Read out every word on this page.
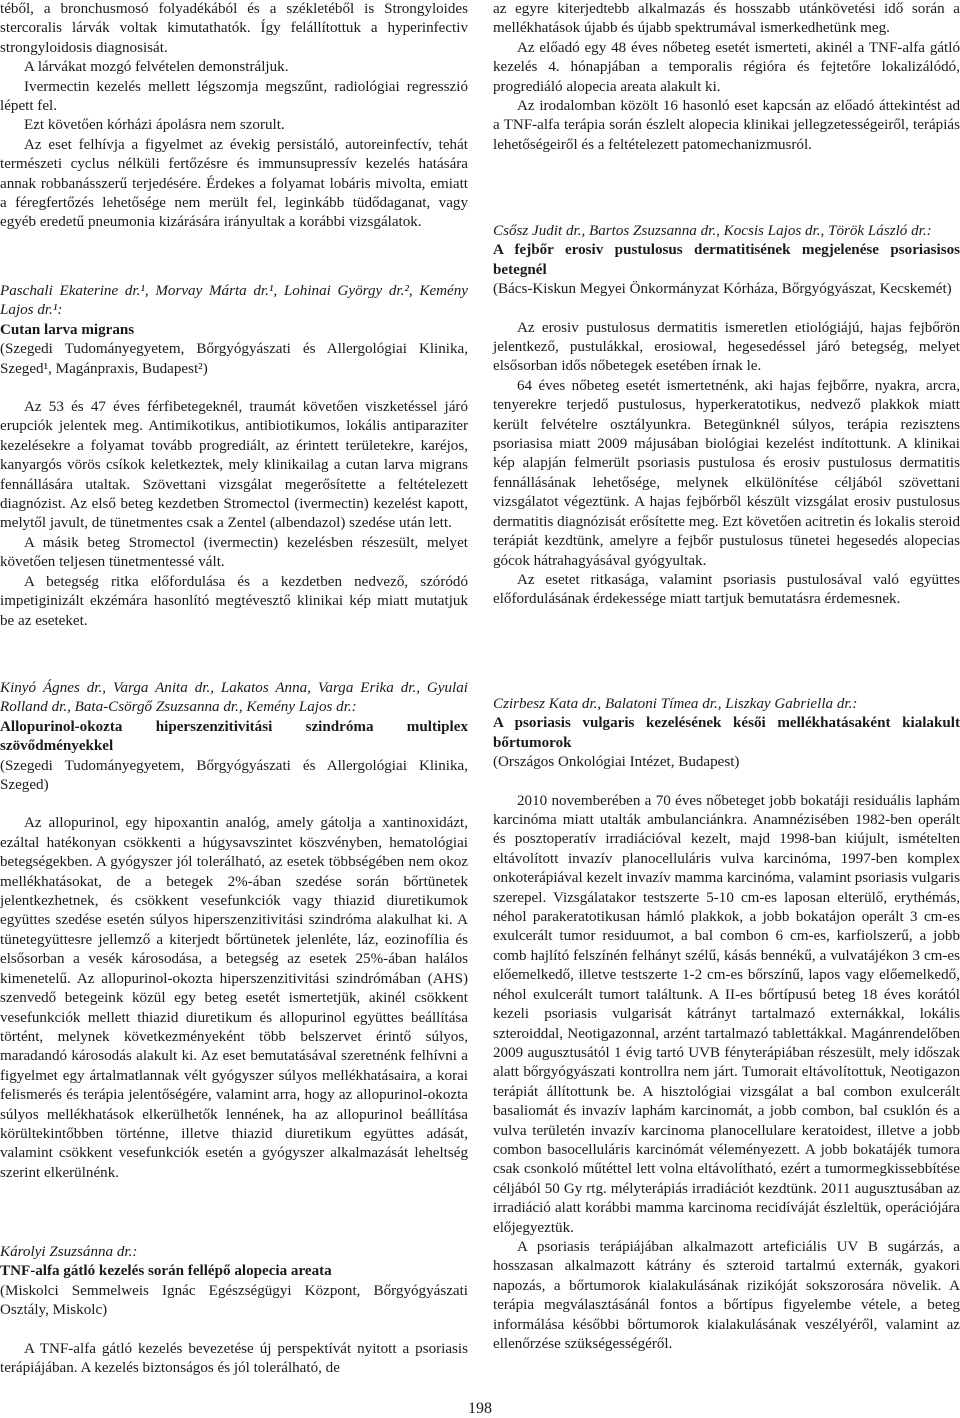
téből, a bronchusmosó folyadékából és a székletéből is Strongyloides stercoralis lárvák voltak kimutathatók. Így felállítottuk a hyperinfectiv strongyloidosis diagnosisát.

A lárvákat mozgó felvételen demonstráljuk.

Ivermectin kezelés mellett légszomja megszűnt, radiológiai regresszió lépett fel.

Ezt követően kórházi ápolásra nem szorult.

Az eset felhívja a figyelmet az évekig persistáló, autoreinfectív, tehát természeti cyclus nélküli fertőzésre és immunsupressív kezelés hatására annak robbanásszerű terjedésére. Érdekes a folyamat lobáris mivolta, emiatt a féregfertőzés lehetősége nem merült fel, leginkább tüdődaganat, vagy egyéb eredetű pneumonia kizárására irányultak a korábbi vizsgálatok.

Paschali Ekaterine dr.¹, Morvay Márta dr.¹, Lohinai György dr.², Kemény Lajos dr.¹:

Cutan larva migrans

(Szegedi Tudományegyetem, Bőrgyógyászati és Allergológiai Klinika, Szeged¹, Magánpraxis, Budapest²)

Az 53 és 47 éves férfibetegeknél, traumát követően viszketéssel járó erupciók jelentek meg. Antimikotikus, antibiotikumos, lokális antiparaziter kezelésekre a folyamat tovább progrediált, az érintett területekre, karéjos, kanyargós vörös csíkok keletkeztek, mely klinikailag a cutan larva migrans fennállására utaltak. Szövettani vizsgálat megerősítette a feltételezett diagnózist. Az első beteg kezdetben Stromectol (ivermectin) kezelést kapott, melytől javult, de tünetmentes csak a Zentel (albendazol) szedése után lett.

A másik beteg Stromectol (ivermectin) kezelésben részesült, melyet követően teljesen tünetmentessé vált.

A betegség ritka előfordulása és a kezdetben nedvező, szóródó impetiginizált ekzémára hasonlító megtévesztő klinikai kép miatt mutatjuk be az eseteket.

Kinyó Ágnes dr., Varga Anita dr., Lakatos Anna, Varga Erika dr., Gyulai Rolland dr., Bata-Csörgő Zsuzsanna dr., Kemény Lajos dr.:

Allopurinol-okozta hiperszenzitivitási szindróma multiplex szövődményekkel

(Szegedi Tudományegyetem, Bőrgyógyászati és Allergológiai Klinika, Szeged)

Az allopurinol, egy hipoxantin analóg, amely gátolja a xantinoxidázt, ezáltal hatékonyan csökkenti a húgysavszintet köszvényben, hematológiai betegségekben. A gyógyszer jól tolerálható, az esetek többségében nem okoz mellékhatásokat, de a betegek 2%-ában szedése során bőrtünetek jelentkezhetnek, és csökkent vesefunkciók vagy thiazid diuretikumok együttes szedése esetén súlyos hiperszenzitivitási szindróma alakulhat ki. A tünetegyüttesre jellemző a kiterjedt bőrtünetek jelenléte, láz, eozinofília és elsősorban a vesék károsodása, a betegség az esetek 25%-ában halálos kimenetelű. Az allopurinol-okozta hiperszenzitivitási szindrómában (AHS) szenvedő betegeink közül egy beteg esetét ismertetjük, akinél csökkent vesefunkciók mellett thiazid diuretikum és allopurinol együttes beállítása történt, melynek következményeként több belszervet érintő súlyos, maradandó károsodás alakult ki. Az eset bemutatásával szeretnénk felhívni a figyelmet egy ártalmatlannak vélt gyógyszer súlyos mellékhatásaira, a korai felismerés és terápia jelentőségére, valamint arra, hogy az allopurinol-okozta súlyos mellékhatások elkerülhetők lennének, ha az allopurinol beállítása körültekintőbben történne, illetve thiazid diuretikum együttes adását, valamint csökkent vesefunkciók esetén a gyógyszer alkalmazását leheltség szerint elkerülnénk.

Károlyi Zsuzsánna dr.:

TNF-alfa gátló kezelés során fellépő alopecia areata

(Miskolci Semmelweis Ignác Egészségügyi Központ, Bőrgyógyászati Osztály, Miskolc)

A TNF-alfa gátló kezelés bevezetése új perspektívát nyitott a psoriasis terápiájában. A kezelés biztonságos és jól tolerálható, de

az egyre kiterjedtebb alkalmazás és hosszabb utánkövetési idő során a mellékhatások újabb és újabb spektrumával ismerkedhetünk meg.

Az előadó egy 48 éves nőbeteg esetét ismerteti, akinél a TNF-alfa gátló kezelés 4. hónapjában a temporalis régióra és fejtetőre lokalizálódó, progrediáló alopecia areata alakult ki.

Az irodalomban közölt 16 hasonló eset kapcsán az előadó áttekintést ad a TNF-alfa terápia során észlelt alopecia klinikai jellegzetességeiről, terápiás lehetőségeiről és a feltételezett patomechanizmusról.

Csősz Judit dr., Bartos Zsuzsanna dr., Kocsis Lajos dr., Török László dr.:

A fejbőr erosiv pustulosus dermatitisének megjelenése psoriasisos betegnél

(Bács-Kiskun Megyei Önkormányzat Kórháza, Bőrgyógyászat, Kecskemét)

Az erosiv pustulosus dermatitis ismeretlen etiológiájú, hajas fejbőrön jelentkező, pustulákkal, erosiowal, hegesedéssel járó betegség, melyet elsősorban idős nőbetegek esetében írnak le.

64 éves nőbeteg esetét ismertetnénk, aki hajas fejbőrre, nyakra, arcra, tenyerekre terjedő pustulosus, hyperkeratotikus, nedvező plakkok miatt került felvételre osztályunkra. Betegünknél súlyos, terápia rezisztens psoriasisa miatt 2009 májusában biológiai kezelést indítottunk. A klinikai kép alapján felmerült psoriasis pustulosa és erosiv pustulosus dermatitis fennállásának lehetősége, melynek elkülönítése céljából szövettani vizsgálatot végeztünk. A hajas fejbőrből készült vizsgálat erosiv pustulosus dermatitis diagnózisát erősítette meg. Ezt követően acitretin és lokalis steroid terápiát kezdtünk, amelyre a fejbőr pustulosus tünetei hegesedés alopecias gócok hátrahagyásával gyógyultak.

Az esetet ritkasága, valamint psoriasis pustulosával való együttes előfordulásának érdekessége miatt tartjuk bemutatásra érdemesnek.

Czirbesz Kata dr., Balatoni Tímea dr., Liszkay Gabriella dr.:

A psoriasis vulgaris kezelésének késői mellékhatásaként kialakult bőrtumorok

(Országos Onkológiai Intézet, Budapest)

2010 novemberében a 70 éves nőbeteget jobb bokatáji residuális laphám karcinóma miatt utalták ambulanciánkra. Anamnézisében 1982-ben operált és posztoperatív irradiációval kezelt, majd 1998-ban kiújult, ismételten eltávolított invazív planocelluláris vulva karcinóma, 1997-ben komplex onkoterápiával kezelt invazív mamma karcinóma, valamint psoriasis vulgaris szerepel. Vizsgálatakor testszerte 5-10 cm-es laposan elterülő, erythémás, néhol parakeratotikusan hámló plakkok, a jobb bokatájon operált 3 cm-es exulcerált tumor residuumot, a bal combon 6 cm-es, karfiolszerű, a jobb comb hajlító felszínén felhányt szélű, kásás bennékű, a vulvatájékon 3 cm-es előemelkedő, illetve testszerte 1-2 cm-es bőrszínű, lapos vagy előemelkedő, néhol exulcerált tumort találtunk. A II-es bőrtípusú beteg 18 éves korától kezeli psoriasis vulgarisát kátrányt tartalmazó externákkal, lokális szteroiddal, Neotigazonnal, arzént tartalmazó tablettákkal. Magánrendelőben 2009 augusztusától 1 évig tartó UVB fényterápiában részesült, mely időszak alatt bőrgyógyászati kontrollra nem járt. Tumorait eltávolítottuk, Neotigazon terápiát állítottunk be. A hisztológiai vizsgálat a bal combon exulcerált basaliomát és invazív laphám karcinomát, a jobb combon, bal csuklón és a vulva területén invazív karcinoma planocellulare keratoidest, illetve a jobb combon basocelluláris karcinómát véleményezett. A jobb bokatájék tumora csak csonkoló műtéttel lett volna eltávolítható, ezért a tumormegkissebbítése céljából 50 Gy rtg. mélyterápiás irradiációt kezdtünk. 2011 augusztusában az irradiáció alatt korábbi mamma karcinoma recidíváját észleltük, operációjára előjegyeztük.

A psoriasis terápiájában alkalmazott arteficiális UV B sugárzás, a hosszasan alkalmazott kátrány és szteroid tartalmú externák, gyakori napozás, a bőrtumorok kialakulásának rizikóját sokszorosára növelik. A terápia megválasztásánál fontos a bőrtípus figyelembe vétele, a beteg informálása későbbi bőrtumorok kialakulásának veszélyéről, valamint az ellenőrzése szükségességéről.

198
